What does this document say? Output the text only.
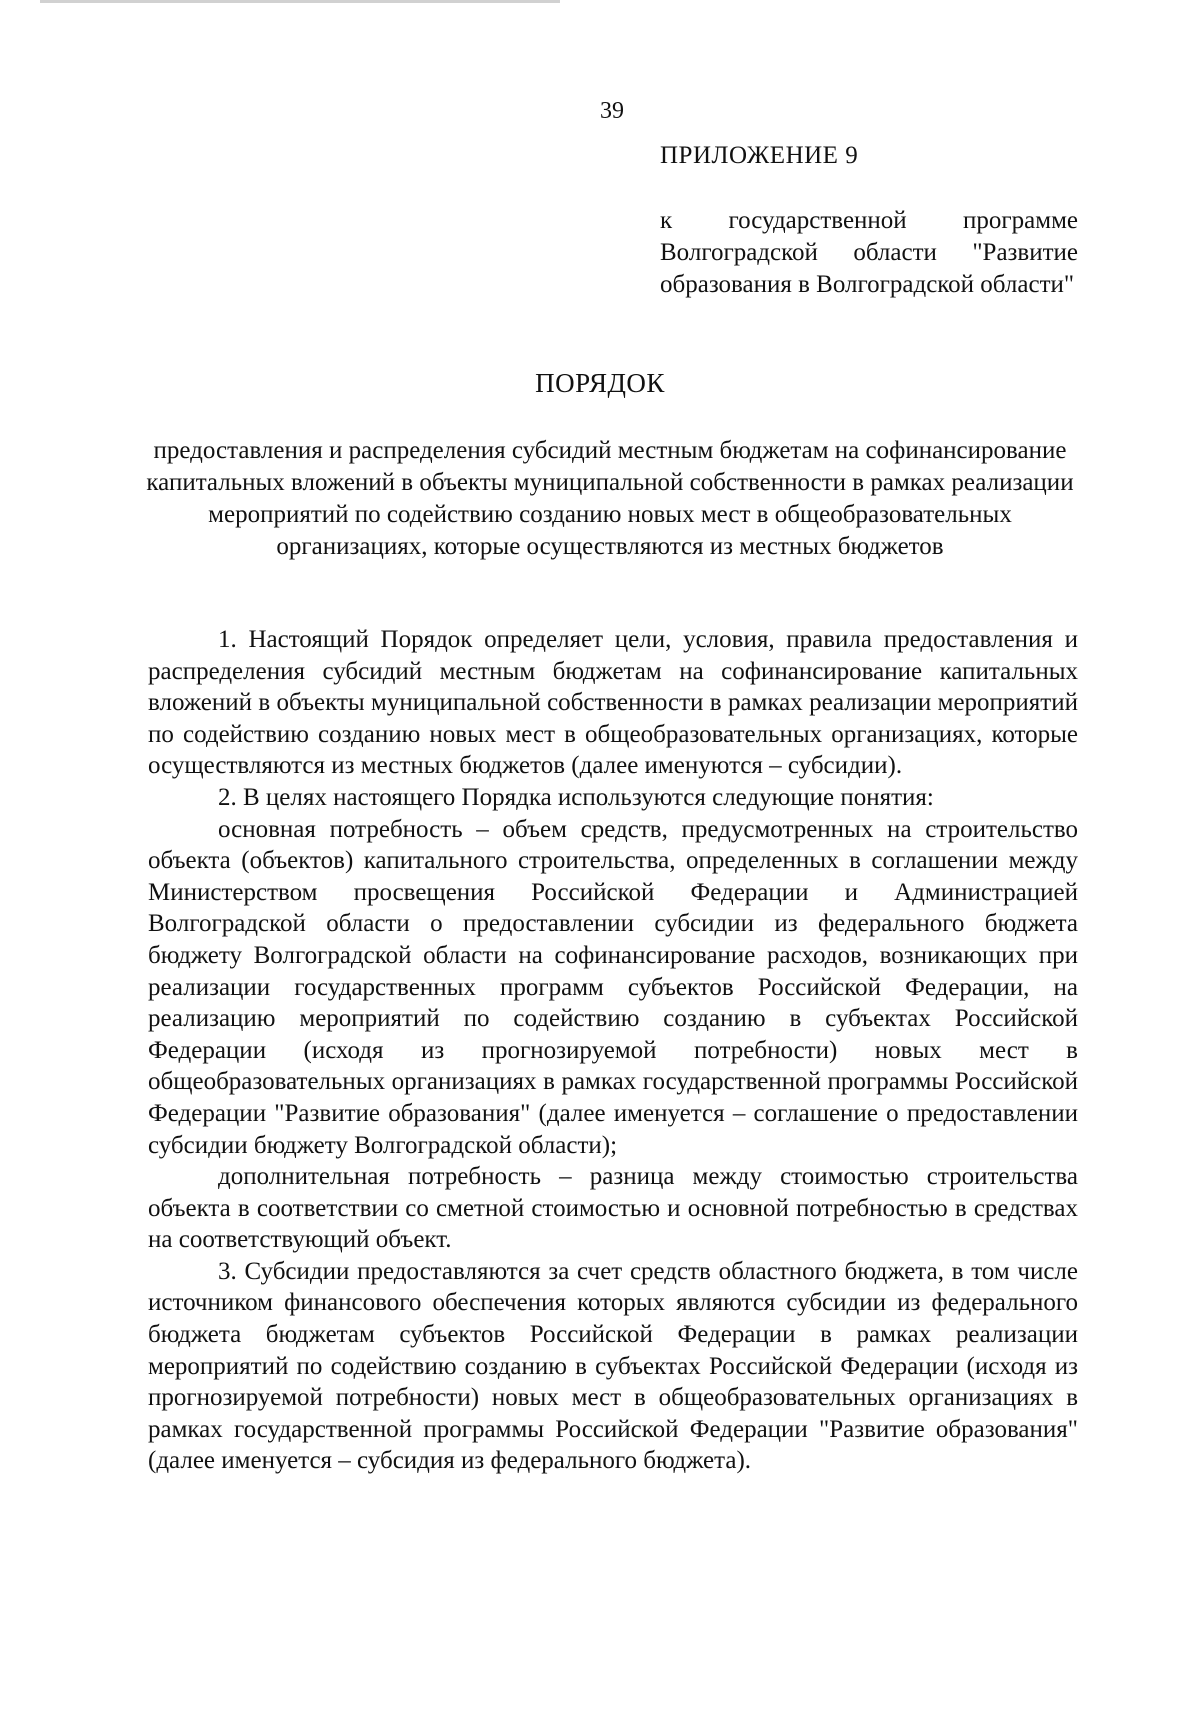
39
ПРИЛОЖЕНИЕ 9

к государственной программе Волгоградской области "Развитие образования в Волгоградской области"

ПОРЯДОК

предоставления и распределения субсидий местным бюджетам на софинансирование капитальных вложений в объекты муниципальной собственности в рамках реализации мероприятий по содействию созданию новых мест в общеобразовательных организациях, которые осуществляются из местных бюджетов

1. Настоящий Порядок определяет цели, условия, правила предоставления и распределения субсидий местным бюджетам на софинансирование капитальных вложений в объекты муниципальной собственности в рамках реализации мероприятий по содействию созданию новых мест в общеобразовательных организациях, которые осуществляются из местных бюджетов (далее именуются – субсидии).

2. В целях настоящего Порядка используются следующие понятия:

основная потребность – объем средств, предусмотренных на строительство объекта (объектов) капитального строительства, определенных в соглашении между Министерством просвещения Российской Федерации и Администрацией Волгоградской области о предоставлении субсидии из федерального бюджета бюджету Волгоградской области на софинансирование расходов, возникающих при реализации государственных программ субъектов Российской Федерации, на реализацию мероприятий по содействию созданию в субъектах Российской Федерации (исходя из прогнозируемой потребности) новых мест в общеобразовательных организациях в рамках государственной программы Российской Федерации "Развитие образования" (далее именуется – соглашение о предоставлении субсидии бюджету Волгоградской области);

дополнительная потребность – разница между стоимостью строительства объекта в соответствии со сметной стоимостью и основной потребностью в средствах на соответствующий объект.

3. Субсидии предоставляются за счет средств областного бюджета, в том числе источником финансового обеспечения которых являются субсидии из федерального бюджета бюджетам субъектов Российской Федерации в рамках реализации мероприятий по содействию созданию в субъектах Российской Федерации (исходя из прогнозируемой потребности) новых мест в общеобразовательных организациях в рамках государственной программы Российской Федерации "Развитие образования" (далее именуется – субсидия из федерального бюджета).
